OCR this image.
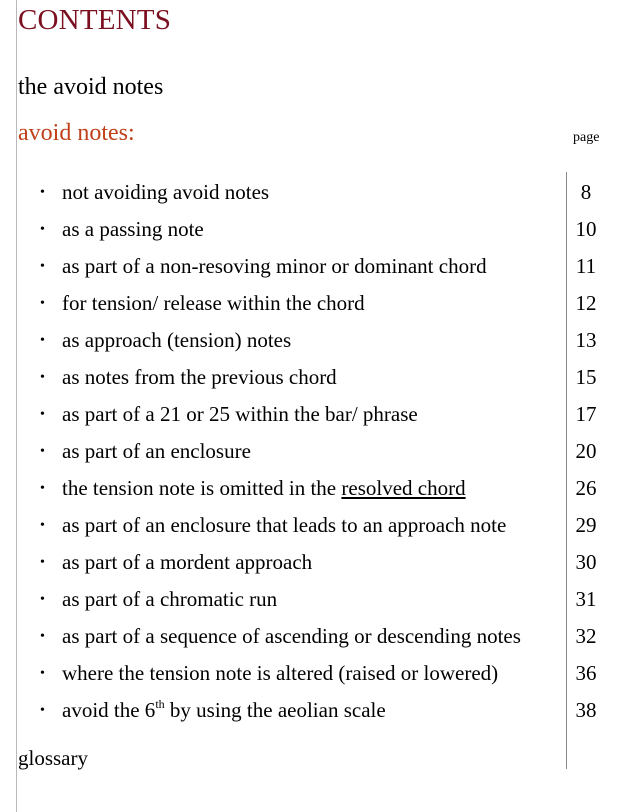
CONTENTS
the avoid notes
avoid notes:	page
• not avoiding avoid notes	8
• as a passing note	10
• as part of a non-resoving minor or dominant chord	11
• for tension/ release within the chord	12
• as approach (tension) notes	13
• as notes from the previous chord	15
• as part of a 21 or 25 within the bar/ phrase	17
• as part of an enclosure	20
• the tension note is omitted in the resolved chord	26
• as part of an enclosure that leads to an approach note	29
• as part of a mordent approach	30
• as part of a chromatic run	31
• as part of a sequence of ascending or descending notes	32
• where the tension note is altered (raised or lowered)	36
• avoid the 6th by using the aeolian scale	38
glossary
